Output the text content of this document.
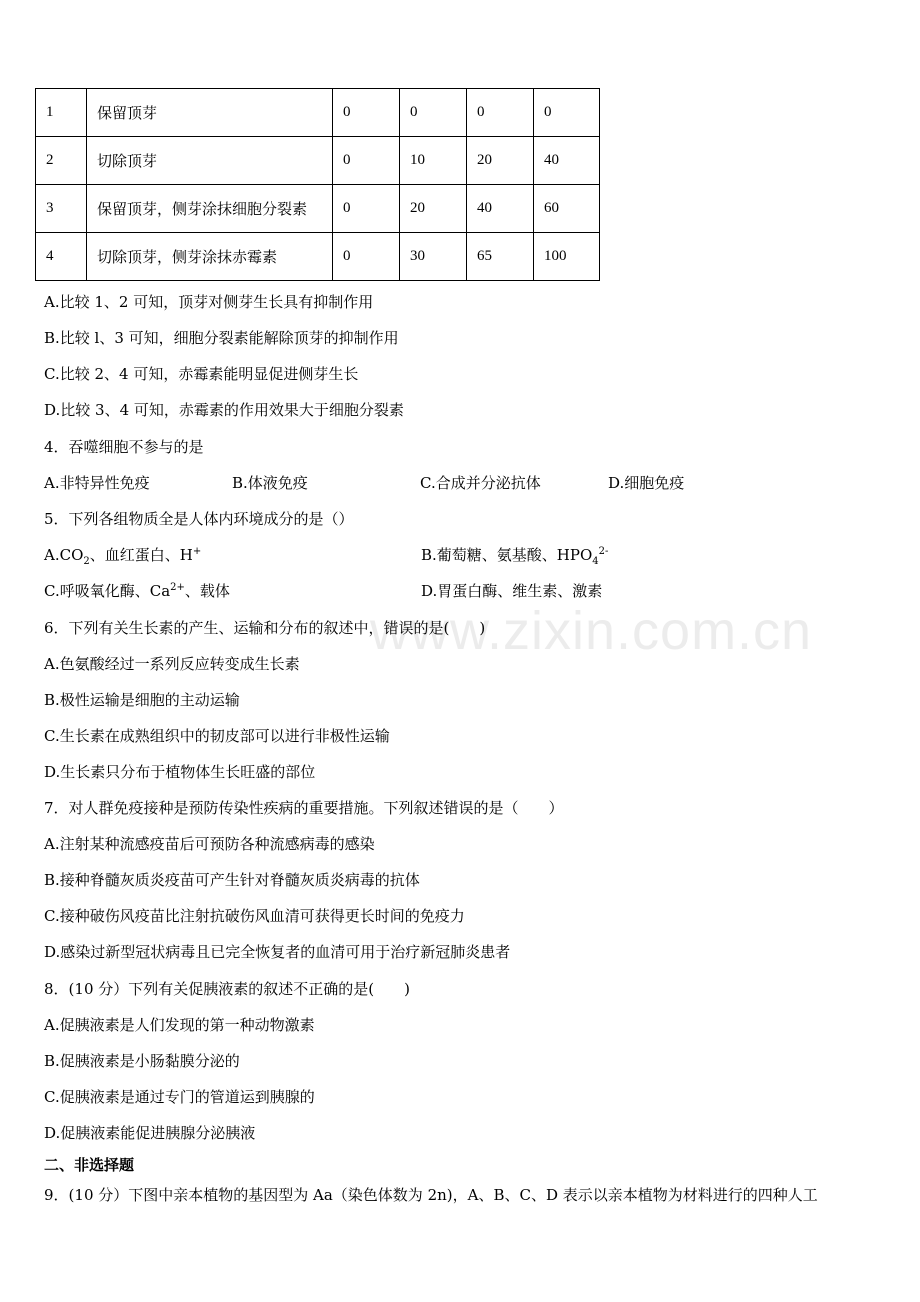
www.zixin.com.cn
1	保留顶芽	0	0	0	0
2	切除顶芽	0	10	20	40
3	保留顶芽，侧芽涂抹细胞分裂素	0	20	40	60
4	切除顶芽，侧芽涂抹赤霉素	0	30	65	100
A.比较 1、2 可知，顶芽对侧芽生长具有抑制作用
B.比较 l、3 可知，细胞分裂素能解除顶芽的抑制作用
C.比较 2、4 可知，赤霉素能明显促进侧芽生长
D.比较 3、4 可知，赤霉素的作用效果大于细胞分裂素
4．吞噬细胞不参与的是
A.非特异性免疫	B.体液免疫	C.合成并分泌抗体	D.细胞免疫
5．下列各组物质全是人体内环境成分的是（）
$A.CO_2$、血红蛋白、H+	B.葡萄糖、氨基酸、$HPO_4^{2-}$
C.呼吸氧化酶、$Ca^{2+}$、载体	D.胃蛋白酶、维生素、激素
6．下列有关生长素的产生、运输和分布的叙述中，错误的是(　　)
A.色氨酸经过一系列反应转变成生长素
B.极性运输是细胞的主动运输
C.生长素在成熟组织中的韧皮部可以进行非极性运输
D.生长素只分布于植物体生长旺盛的部位
7．对人群免疫接种是预防传染性疾病的重要措施。下列叙述错误的是（　　）
A.注射某种流感疫苗后可预防各种流感病毒的感染
B.接种脊髓灰质炎疫苗可产生针对脊髓灰质炎病毒的抗体
C.接种破伤风疫苗比注射抗破伤风血清可获得更长时间的免疫力
D.感染过新型冠状病毒且已完全恢复者的血清可用于治疗新冠肺炎患者
8．(10 分）下列有关促胰液素的叙述不正确的是(　　)
A.促胰液素是人们发现的第一种动物激素
B.促胰液素是小肠黏膜分泌的
C.促胰液素是通过专门的管道运到胰腺的
D.促胰液素能促进胰腺分泌胰液
二、非选择题
9．(10 分）下图中亲本植物的基因型为 Aa（染色体数为 2n)，A、B、C、D 表示以亲本植物为材料进行的四种人工
